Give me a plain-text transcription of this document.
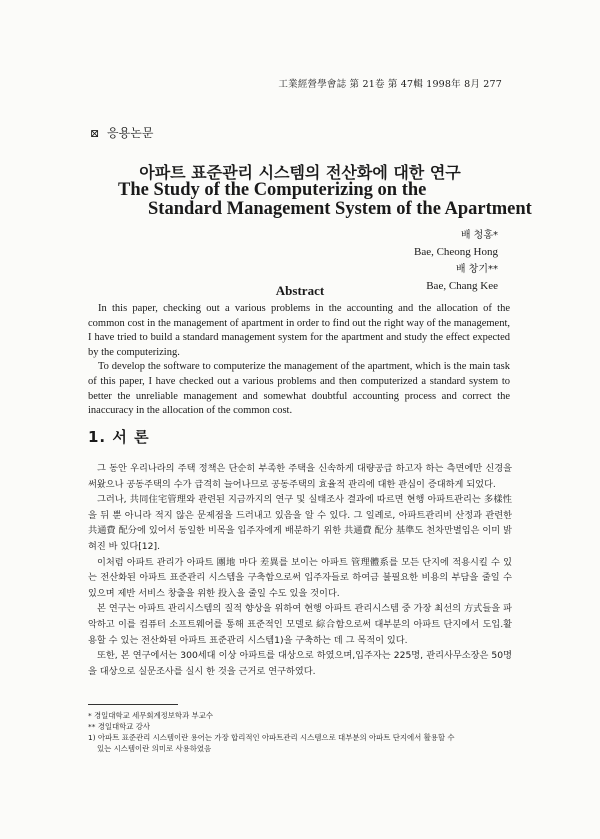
工業經營學會誌 第 21卷 第 47輯 1998年 8月 277
⊠ 응용논문
아파트 표준관리 시스템의 전산화에 대한 연구
The Study of the Computerizing on the
Standard Management System of the Apartment
배 청홍*
Bae, Cheong Hong
배 창기**
Bae, Chang Kee
Abstract

In this paper, checking out a various problems in the accounting and the allocation of the common cost in the management of apartment in order to find out the right way of the management, I have tried to build a standard management system for the apartment and study the effect expected by the computerizing.

To develop the software to computerize the management of the apartment, which is the main task of this paper, I have checked out a various problems and then computerized a standard system to better the unreliable management and somewhat doubtful accounting process and correct the inaccuracy in the allocation of the common cost.

1. 서 론

그 동안 우리나라의 주택 정책은 단순히 부족한 주택을 신속하게 대량공급 하고자 하는 측면에만 신경을 써왔으나 공동주택의 수가 급격히 늘어나므로 공동주택의 효율적 관리에 대한 관심이 증대하게 되었다.

그러나, 共同住宅管理와 관련된 지금까지의 연구 및 실태조사 결과에 따르면 현행 아파트관리는 多樣性을 뒤 뿐 아니라 적지 않은 문제점을 드러내고 있음을 알 수 있다. 그 일례로, 아파트관리비 산정과 관련한 共通費 配分에 있어서 동일한 비목을 입주자에게 배분하기 위한 共通費 配分 基準도 천차만별임은 이미 밝혀진 바 있다[12].

이처럼 아파트 관리가 아파트 團地 마다 差異를 보이는 아파트 管理體系를 모든 단지에 적용시킬 수 있는 전산화된 아파트 표준관리 시스템을 구축함으로써 입주자들로 하여금 불필요한 비용의 부담을 줄일 수 있으며 제반 서비스 창출을 위한 投入을 줄일 수도 있을 것이다.

본 연구는 아파트 관리시스템의 질적 향상을 위하여 현행 아파트 관리시스템 중 가장 최선의 方式들을 파악하고 이를 컴퓨터 소프트웨어를 통해 표준적인 모델로 綜合함으로써 대부분의 아파트 단지에서 도입.활용할 수 있는 전산화된 아파트 표준관리 시스템1)을 구축하는 데 그 목적이 있다.

또한, 본 연구에서는 300세대 이상 아파트를 대상으로 하였으며,입주자는 225명, 관리사무소장은 50명을 대상으로 실문조사를 실시 한 것을 근거로 연구하였다.

* 경일대학교 세무회계정보학과 부교수
** 경일대학교 강사
1) 아파트 표준관리 시스템이란 용어는 가장 합리적인 아파트관리 시스템으로 대부분의 아파트 단지에서 활용할 수
있는 시스템이란 의미로 사용하였음
